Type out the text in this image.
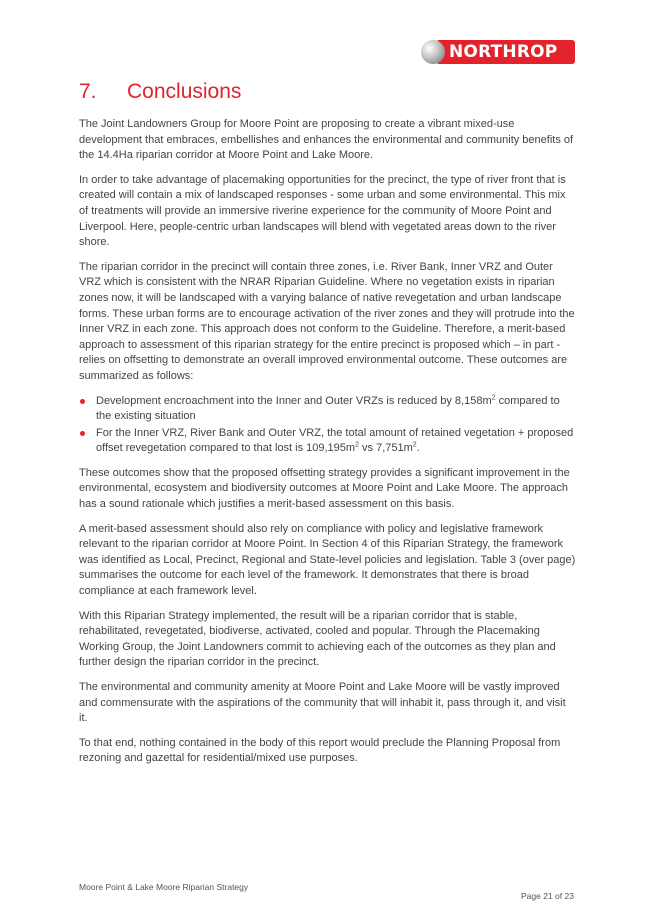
NORTHROP
7. Conclusions

The Joint Landowners Group for Moore Point are proposing to create a vibrant mixed-use development that embraces, embellishes and enhances the environmental and community benefits of the 14.4Ha riparian corridor at Moore Point and Lake Moore.

In order to take advantage of placemaking opportunities for the precinct, the type of river front that is created will contain a mix of landscaped responses - some urban and some environmental. This mix of treatments will provide an immersive riverine experience for the community of Moore Point and Liverpool. Here, people-centric urban landscapes will blend with vegetated areas down to the river shore.

The riparian corridor in the precinct will contain three zones, i.e. River Bank, Inner VRZ and Outer VRZ which is consistent with the NRAR Riparian Guideline. Where no vegetation exists in riparian zones now, it will be landscaped with a varying balance of native revegetation and urban landscape forms. These urban forms are to encourage activation of the river zones and they will protrude into the Inner VRZ in each zone. This approach does not conform to the Guideline. Therefore, a merit-based approach to assessment of this riparian strategy for the entire precinct is proposed which – in part - relies on offsetting to demonstrate an overall improved environmental outcome. These outcomes are summarized as follows:

Development encroachment into the Inner and Outer VRZs is reduced by $8,158m^2$ compared to the existing situation
For the Inner VRZ, River Bank and Outer VRZ, the total amount of retained vegetation + proposed offset revegetation compared to that lost is $109,195m^2$ vs $7,751m^2$.

These outcomes show that the proposed offsetting strategy provides a significant improvement in the environmental, ecosystem and biodiversity outcomes at Moore Point and Lake Moore. The approach has a sound rationale which justifies a merit-based assessment on this basis.

A merit-based assessment should also rely on compliance with policy and legislative framework relevant to the riparian corridor at Moore Point. In Section 4 of this Riparian Strategy, the framework was identified as Local, Precinct, Regional and State-level policies and legislation. Table 3 (over page) summarises the outcome for each level of the framework. It demonstrates that there is broad compliance at each framework level.

With this Riparian Strategy implemented, the result will be a riparian corridor that is stable, rehabilitated, revegetated, biodiverse, activated, cooled and popular. Through the Placemaking Working Group, the Joint Landowners commit to achieving each of the outcomes as they plan and further design the riparian corridor in the precinct.

The environmental and community amenity at Moore Point and Lake Moore will be vastly improved and commensurate with the aspirations of the community that will inhabit it, pass through it, and visit it.

To that end, nothing contained in the body of this report would preclude the Planning Proposal from rezoning and gazettal for residential/mixed use purposes.

Moore Point & Lake Moore Riparian Strategy
Page 21 of 23
